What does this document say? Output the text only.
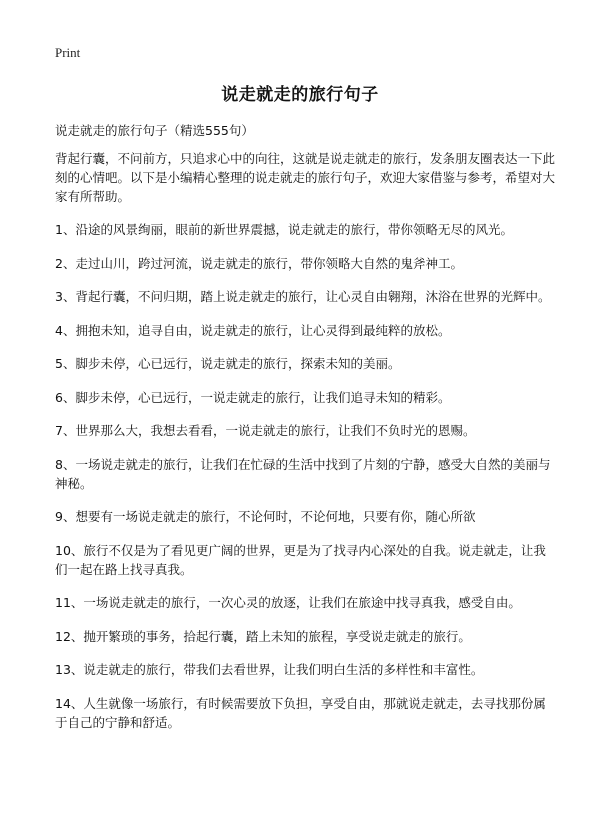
Print
说走就走的旅行句子
说走就走的旅行句子（精选555句）

背起行囊，不问前方，只追求心中的向往，这就是说走就走的旅行，发条朋友圈表达一下此刻的心情吧。以下是小编精心整理的说走就走的旅行句子，欢迎大家借鉴与参考，希望对大家有所帮助。

1、沿途的风景绚丽，眼前的新世界震撼，说走就走的旅行，带你领略无尽的风光。

2、走过山川，跨过河流，说走就走的旅行，带你领略大自然的鬼斧神工。

3、背起行囊，不问归期，踏上说走就走的旅行，让心灵自由翱翔，沐浴在世界的光辉中。

4、拥抱未知，追寻自由，说走就走的旅行，让心灵得到最纯粹的放松。

5、脚步未停，心已远行，说走就走的旅行，探索未知的美丽。

6、脚步未停，心已远行，一说走就走的旅行，让我们追寻未知的精彩。

7、世界那么大，我想去看看，一说走就走的旅行，让我们不负时光的恩赐。

8、一场说走就走的旅行，让我们在忙碌的生活中找到了片刻的宁静，感受大自然的美丽与神秘。

9、想要有一场说走就走的旅行，不论何时，不论何地，只要有你，随心所欲

10、旅行不仅是为了看见更广阔的世界，更是为了找寻内心深处的自我。说走就走，让我们一起在路上找寻真我。

11、一场说走就走的旅行，一次心灵的放逐，让我们在旅途中找寻真我，感受自由。

12、抛开繁琐的事务，拾起行囊，踏上未知的旅程，享受说走就走的旅行。

13、说走就走的旅行，带我们去看世界，让我们明白生活的多样性和丰富性。

14、人生就像一场旅行，有时候需要放下负担，享受自由，那就说走就走，去寻找那份属于自己的宁静和舒适。
